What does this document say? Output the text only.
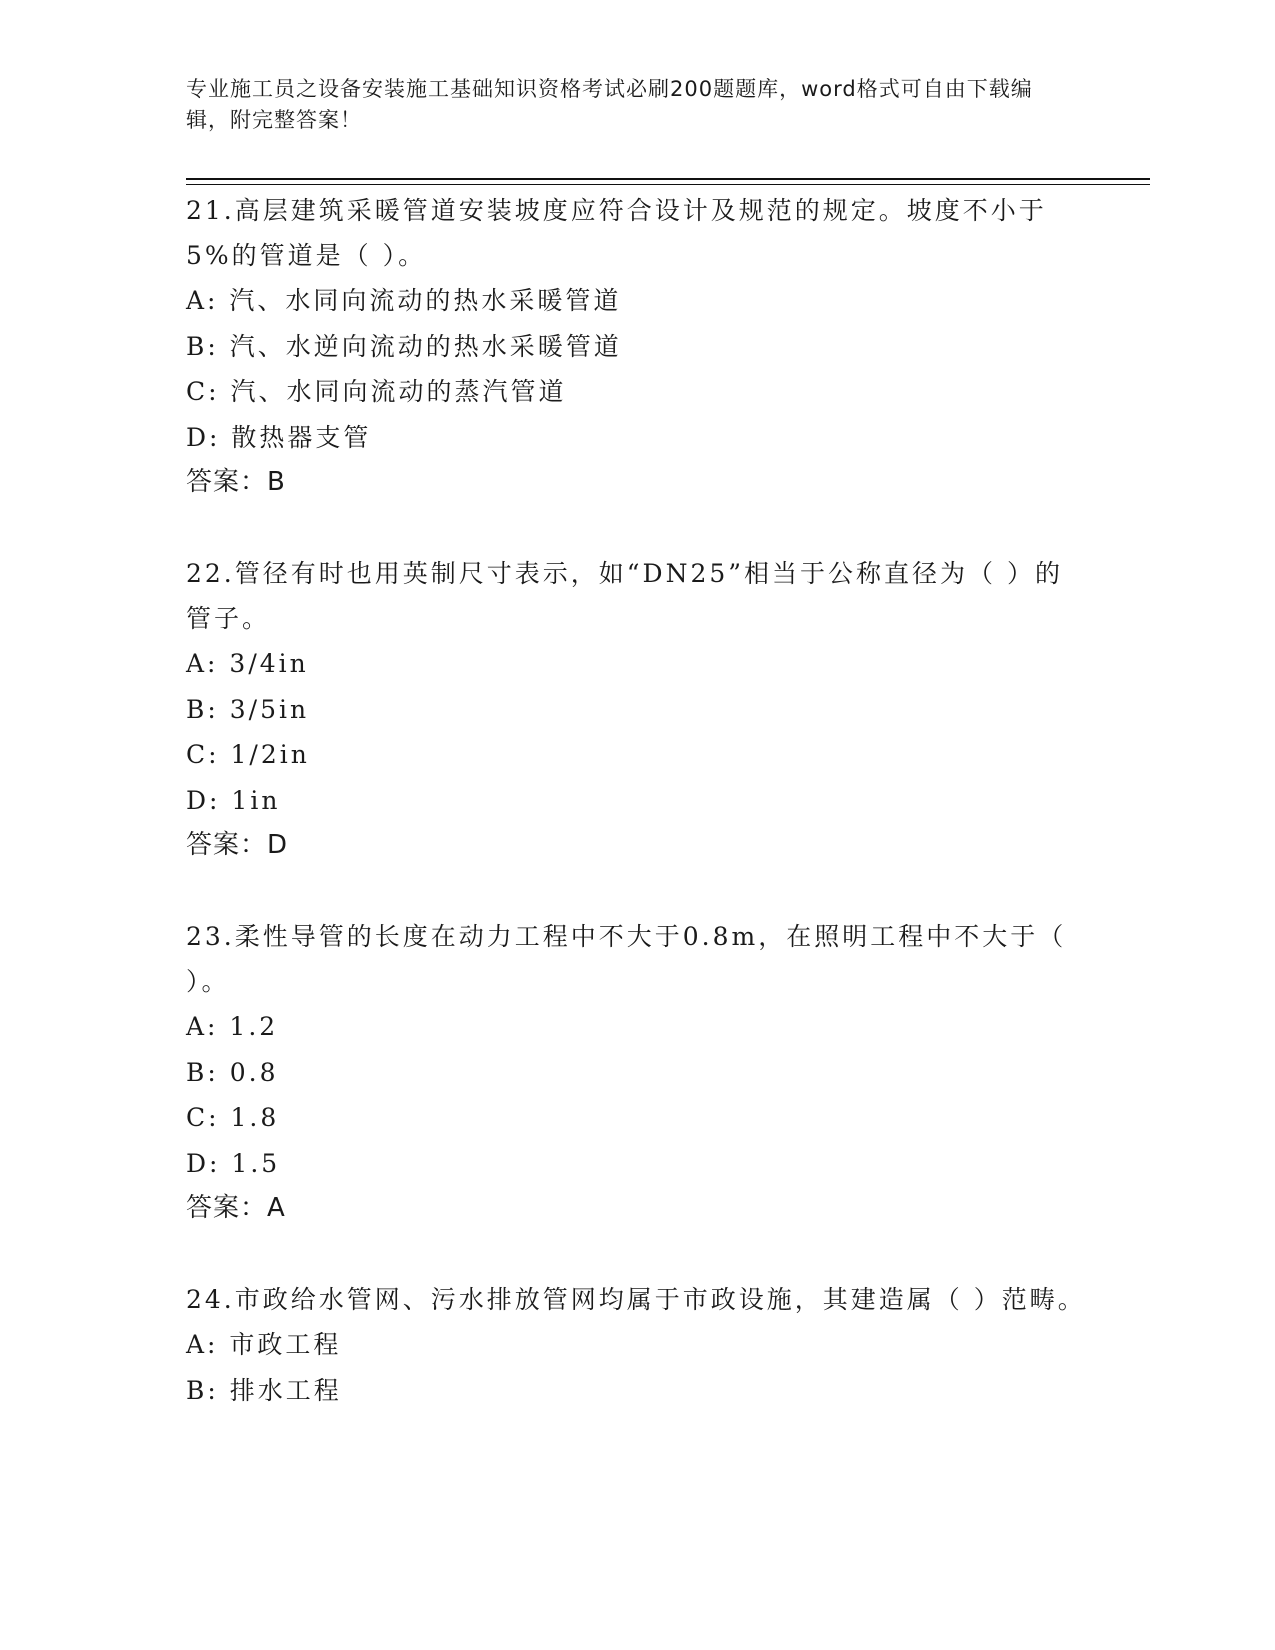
专业施工员之设备安装施工基础知识资格考试必刷200题题库，word格式可自由下载编辑，附完整答案！
21.高层建筑采暖管道安装坡度应符合设计及规范的规定。坡度不小于5%的管道是（ ）。
A: 汽、水同向流动的热水采暖管道
B: 汽、水逆向流动的热水采暖管道
C: 汽、水同向流动的蒸汽管道
D: 散热器支管
答案：B
22.管径有时也用英制尺寸表示，如“DN25”相当于公称直径为（ ）的管子。
A: 3/4in
B: 3/5in
C: 1/2in
D: 1in
答案：D
23.柔性导管的长度在动力工程中不大于0.8m，在照明工程中不大于（ ）。
A: 1.2
B: 0.8
C: 1.8
D: 1.5
答案：A
24.市政给水管网、污水排放管网均属于市政设施，其建造属（ ）范畴。
A: 市政工程
B: 排水工程
